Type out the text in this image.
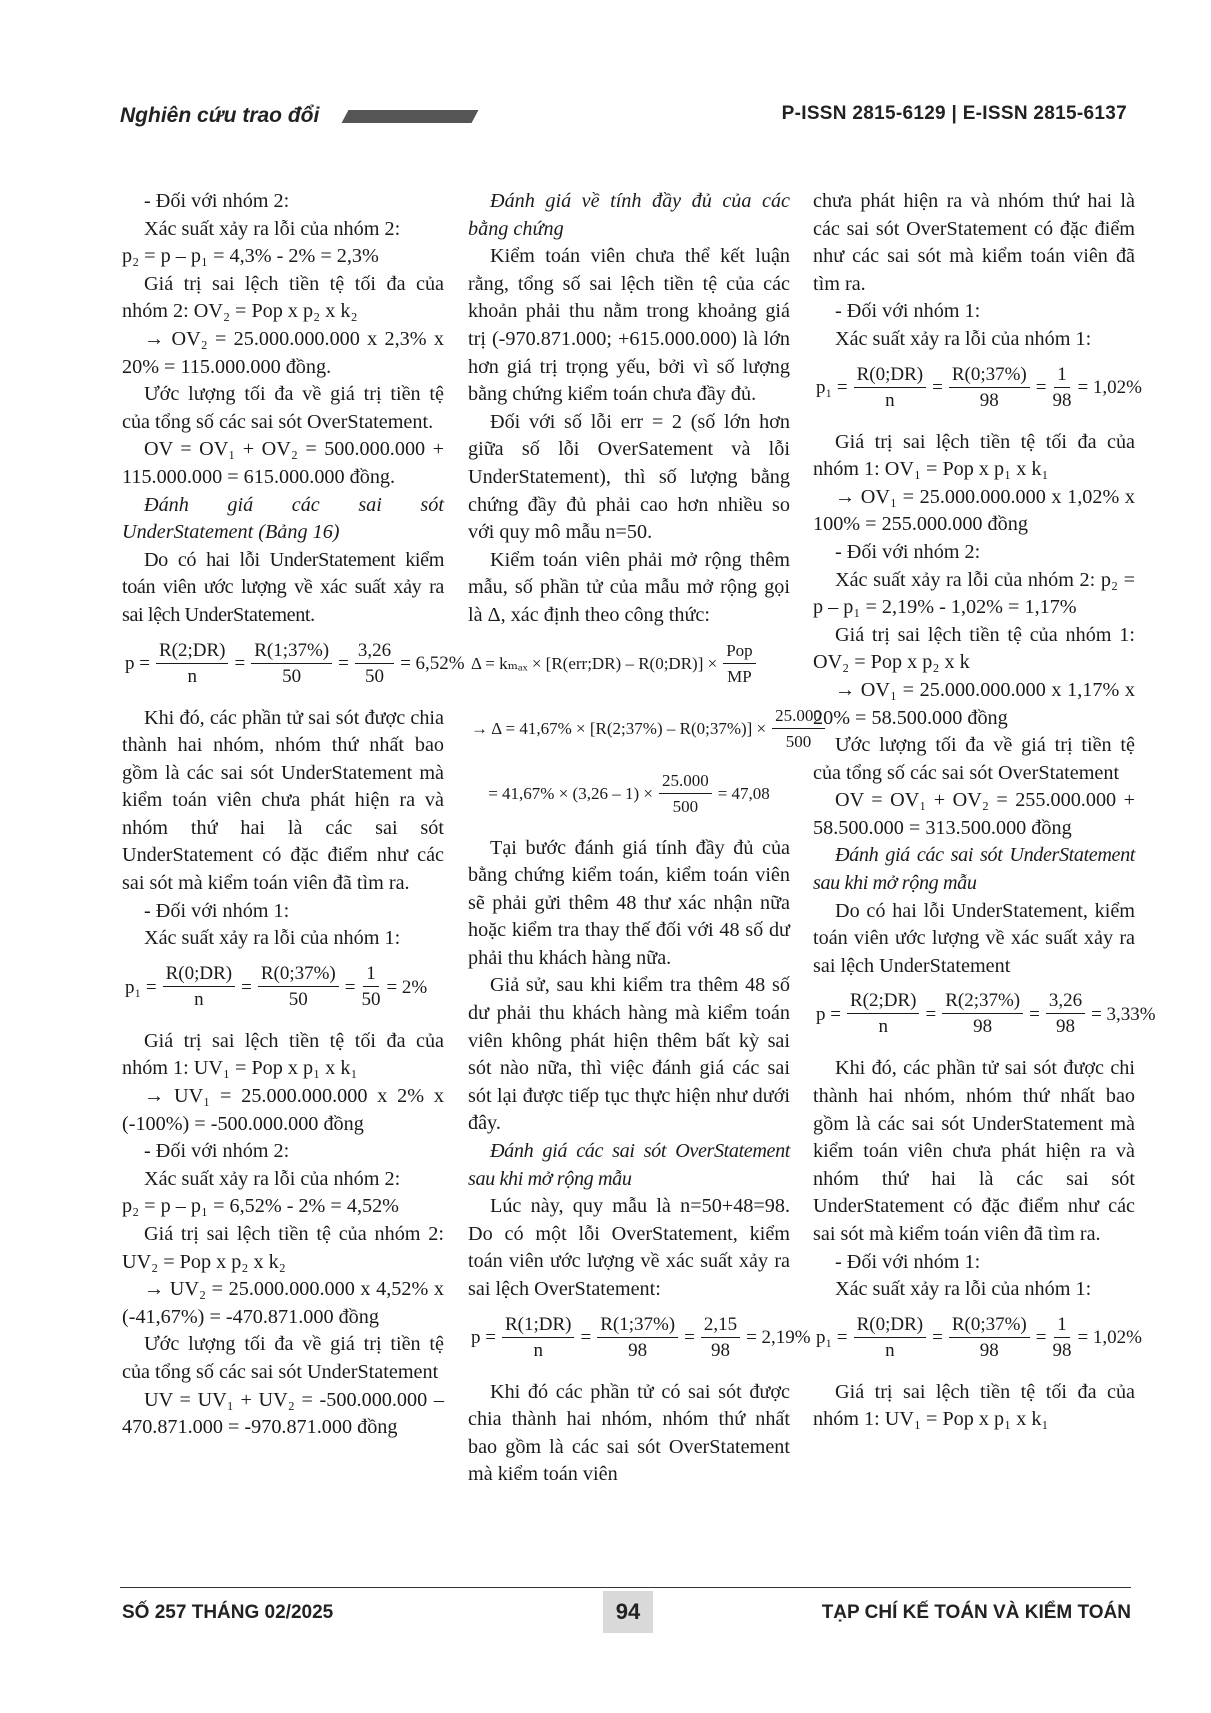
Nghiên cứu trao đổi	P-ISSN 2815-6129 | E-ISSN 2815-6137

- Đối với nhóm 2:

Xác suất xảy ra lỗi của nhóm 2:

p₂ = p – p₁ = 4,3% - 2% = 2,3%

Giá trị sai lệch tiền tệ tối đa của nhóm 2: OV₂ = Pop x p₂ x k₂

→ OV₂ = 25.000.000.000 x 2,3% x 20% = 115.000.000 đồng.

Ước lượng tối đa về giá trị tiền tệ của tổng số các sai sót OverStatement.

OV = OV₁ + OV₂ = 500.000.000 + 115.000.000 = 615.000.000 đồng.

Đánh giá các sai sót UnderStatement (Bảng 16)

Do có hai lỗi UnderStatement kiểm toán viên ước lượng về xác suất xảy ra sai lệch UnderStatement.

$p = \frac{R(2;DR)}{n} = \frac{R(1;37\%)}{50} = \frac{3,26}{50} = 6,52\%$

Khi đó, các phần tử sai sót được chia thành hai nhóm, nhóm thứ nhất bao gồm là các sai sót UnderStatement mà kiểm toán viên chưa phát hiện ra và nhóm thứ hai là các sai sót UnderStatement có đặc điểm như các sai sót mà kiểm toán viên đã tìm ra.

- Đối với nhóm 1:

Xác suất xảy ra lỗi của nhóm 1:

$p_1 = \frac{R(0;DR)}{n} = \frac{R(0;37\%)}{50} = \frac{1}{50} = 2\%$

Giá trị sai lệch tiền tệ tối đa của nhóm 1: UV₁ = Pop x p₁ x k₁

→ UV₁ = 25.000.000.000 x 2% x (-100%) = -500.000.000 đồng

- Đối với nhóm 2:

Xác suất xảy ra lỗi của nhóm 2:

p₂ = p – p₁ = 6,52% - 2% = 4,52%

Giá trị sai lệch tiền tệ của nhóm 2: UV₂ = Pop x p₂ x k₂

→ UV₂ = 25.000.000.000 x 4,52% x (-41,67%) = -470.871.000 đồng

Ước lượng tối đa về giá trị tiền tệ của tổng số các sai sót UnderStatement

UV = UV₁ + UV₂ = -500.000.000 – 470.871.000 = -970.871.000 đồng

Đánh giá về tính đầy đủ của các bằng chứng

Kiểm toán viên chưa thể kết luận rằng, tổng số sai lệch tiền tệ của các khoản phải thu nằm trong khoảng giá trị (-970.871.000; +615.000.000) là lớn hơn giá trị trọng yếu, bởi vì số lượng bằng chứng kiểm toán chưa đầy đủ.

Đối với số lỗi err = 2 (số lớn hơn giữa số lỗi OverSatement và lỗi UnderStatement), thì số lượng bằng chứng đầy đủ phải cao hơn nhiều so với quy mô mẫu n=50.

Kiểm toán viên phải mở rộng thêm mẫu, số phần tử của mẫu mở rộng gọi là Δ, xác định theo công thức:

Δ = kₘₐₓ × [R(err;DR) – R(0;DR)] × $\frac{\text{Pop}}{MP}$
→ Δ = 41,67% × [R(2;37%) – R(0;37%)] × $\frac{25.000}{500}$
= $41,67\% \times (3,26 - 1) \times \frac{25.000}{500} = 47,08$

Tại bước đánh giá tính đầy đủ của bằng chứng kiểm toán, kiểm toán viên sẽ phải gửi thêm 48 thư xác nhận nữa hoặc kiểm tra thay thế đối với 48 số dư phải thu khách hàng nữa.

Giả sử, sau khi kiểm tra thêm 48 số dư phải thu khách hàng mà kiểm toán viên không phát hiện thêm bất kỳ sai sót nào nữa, thì việc đánh giá các sai sót lại được tiếp tục thực hiện như dưới đây.

Đánh giá các sai sót OverStatement sau khi mở rộng mẫu

Lúc này, quy mẫu là n=50+48=98. Do có một lỗi OverStatement, kiểm toán viên ước lượng về xác suất xảy ra sai lệch OverStatement:

$p = \frac{R(1;DR)}{n} = \frac{R(1;37\%)}{98} = \frac{2,15}{98} = 2,19\%$

Khi đó các phần tử có sai sót được chia thành hai nhóm, nhóm thứ nhất bao gồm là các sai sót OverStatement mà kiểm toán viên

chưa phát hiện ra và nhóm thứ hai là các sai sót OverStatement có đặc điểm như các sai sót mà kiểm toán viên đã tìm ra.

- Đối với nhóm 1:

Xác suất xảy ra lỗi của nhóm 1:

$p_1 = \frac{R(0;DR)}{n} = \frac{R(0;37\%)}{98} = \frac{1}{98} = 1,02\%$

Giá trị sai lệch tiền tệ tối đa của nhóm 1: OV₁ = Pop x p₁ x k₁

→ OV₁ = 25.000.000.000 x 1,02% x 100% = 255.000.000 đồng

- Đối với nhóm 2:

Xác suất xảy ra lỗi của nhóm 2: p₂ = p – p₁ = 2,19% - 1,02% = 1,17%

Giá trị sai lệch tiền tệ của nhóm 1: OV₂ = Pop x p₂ x k

→ OV₁ = 25.000.000.000 x 1,17% x 20% = 58.500.000 đồng

Ước lượng tối đa về giá trị tiền tệ của tổng số các sai sót OverStatement

OV = OV₁ + OV₂ = 255.000.000 + 58.500.000 = 313.500.000 đồng

Đánh giá các sai sót UnderStatement sau khi mở rộng mẫu

Do có hai lỗi UnderStatement, kiểm toán viên ước lượng về xác suất xảy ra sai lệch UnderStatement

$p = \frac{R(2;DR)}{n} = \frac{R(2;37\%)}{98} = \frac{3,26}{98} = 3,33\%$

Khi đó, các phần tử sai sót được chi thành hai nhóm, nhóm thứ nhất bao gồm là các sai sót UnderStatement mà kiểm toán viên chưa phát hiện ra và nhóm thứ hai là các sai sót UnderStatement có đặc điểm như các sai sót mà kiểm toán viên đã tìm ra.

- Đối với nhóm 1:

Xác suất xảy ra lỗi của nhóm 1:

$p_1 = \frac{R(0;DR)}{n} = \frac{R(0;37\%)}{98} = \frac{1}{98} = 1,02\%$

Giá trị sai lệch tiền tệ tối đa của nhóm 1: UV₁ = Pop x p₁ x k₁

SỐ 257 THÁNG 02/2025	94	TẠP CHÍ KẾ TOÁN VÀ KIỂM TOÁN
